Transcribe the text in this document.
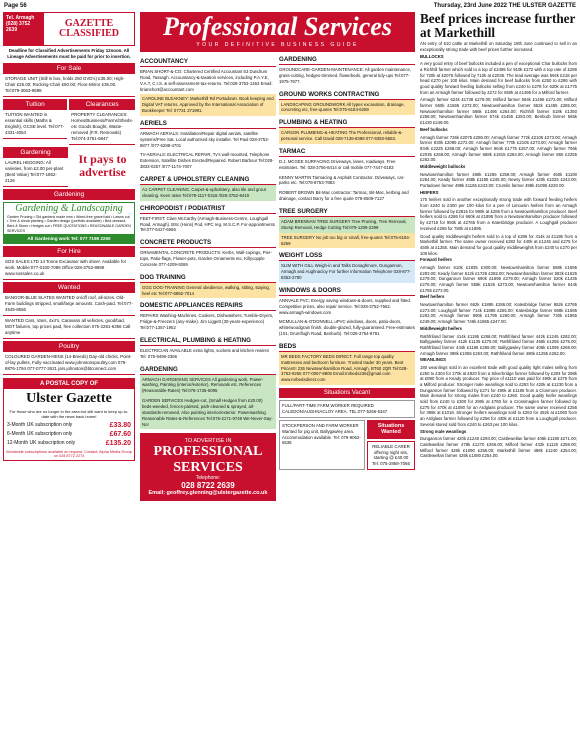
Page 56	Thursday, 23rd June 2022 THE ULSTER GAZETTE
Tel. Armagh
(028) 3752 2639
GAZETTE CLASSIFIED
Deadline for Classified Advertisements Friday 12noon. All Lineage Advertisements must be paid for prior to insertion.
For Sale
STORAGE UNIT (Still in box, holds 250 DVD's) £35.00; High-Chair £25.00; Rocking-Chair £60.00; Floor-Mirror £35.00. Tel:079-3063-9598
Tuition
TUITION WANTED in essential skills (Maths & English), GCSE level. Tel:077-4331-4054
Clearances
PROPERTY CLEARANCES: Homes/Business/Farms/Sheds-etc Goods Bought, Waste-removed (F.R. Removals) Tel:074-3761-6847
Gardening
LAUREL HEDGING: All varieties, from £2.00 per-plant (Best Value) Tel:077-1852-2126
It pays to advertise
Gardening
Gardening & Landscaping
Garden Pruning • Old gardens made new • Weed-free gravel laid • Lawns cut • Tree & shrub planting • Garden design (portfolio available) • Bed-dressed, Bark & Stone • Hedges cut • FREE QUOTATIONS • REASONABLE GARDEN SERVICES
All Gardening work Tel: 077 7198 2250
For Hire
SOS SALES LTD 14 Tonne Excavator with driver. Available for work. Mobile:077-0100-7086 Office:028-3752-8989 www.sossales.co.uk
Wanted
BANGOR-BLUE SLATES WANTED on/off roof, all-sizes. Old-Farm buildings stripped, small/large amounts. Cash-paid. Tel:077-4545-8556
WANTED Cars, Vans, 4x4's, Caravans all vehicles, good/bad, MOT failures, top prices paid, free collection 075-2281-6356 Call anytime
Poultry
COLOURED GARDEN-HENS (14-Breeds) Day-old chicks, Point-of-lay pullets, Fully-vaccinated www.johnstonspoultry.com 079-8876-1794 077-0777-2621 jars.johnston@btconnect.com
A POSTAL COPY OF
Ulster Gazette
For those who are no longer in the area but still want to keep up-to-date with the news back home!
3-Month UK subscription only	£33.80
6-Month UK subscription only	£67.60
12-Month UK subscription only	£135.20
Worldwide subscriptions available on request. Contact: Alpha Media Group on 028 8772 2274
Professional Services
YOUR DEFINITIVE BUSINESS GUIDE
ACCOUNTANCY
BRIAN.SHORT-&-CO: Chartered Certified Accountant 63 Dundrum Road, Tassagh. Accountancy-&-taxation services, including P.A.Y.E, V.A.T, C.I.S. & self-assessment-tax-returns. Tel:028-3753-1463 Email: brianshort@accountant.com
CAROLINE BLEAKNEY: Markethill Rd Portadown. Book keeping and Digital VAT returns. Approved by the International Association of Bookkeeper Tel: 07731 371991.
AERIELS
ARMAGH AERIALS: Installation/Repair digital aerials, satellite systems/Free Sat. Local authorised sky installer. Tel Paul 028-3753-8877 /077-6288-4701
TV-AERIALS: ELECTRICAL REPAIR, Tv's wall-mounted, Telephone Extension, Satellite Dishes Erected/Repaired. Robert Barbour Tel:028-3833-0257 /077-1174-7007
CARPET & UPHOLSTERY CLEANING
A1 CARPET CLEANING, Carpet-&-upholstery, also tile and grout cleaning. Keen rates Tel:078-1117-0318 /028-3752-8419
CHIROPODIST / PODIATRIST
FEET-FIRST: Clare McCarthy (Armagh-Business-Centre, Loughgall Road, Armagh). BSc (Hons) Pod, HPC reg. M.S.C.P. For-appointments Tel:077-5427-6556
CONCRETE PRODUCTS
ORNAMENTAL CONCRETE PRODUCTS: Kerbs, Wall-copings, Pier-tops, Patio-flags, Flower-pots, Garden Ornaments etc. Killycopple Concrete 077-4209-9269
DOG TRAINING
GGG DOG-TRAINING General obedience, walking, sitting, staying, heel etc Tel:077-6892-7014
DOMESTIC APPLIANCES REPAIRS
REPAIRS Washing-Machines, Cookers, Dishwashers, Tumble-Dryers, Fridge-&-Freezers (any-make). Jim Liggett (30-years-experience) Tel:077-1357-1952
ELECTRICAL, PLUMBING & HEATING
ELECTRICIAN AVAILABLE extra lights, sockets and kitchen rewires Tel: 075-9496-2366
GARDENING
ARMAGH GARDENING SERVICES All gardening work, Power-washing, Painting (interior/exterior), Removals etc. References (Reasonable-Rates) Tel:078-1735-6095
GARDEN SERVICES Hedges-cut, (Small Hedges from £20.00) beds-weeded, fences-painted, path-cleaned & sprayed, all-standards-removed. Also painting interior/exterior. Powerwashing Reasonable Rates-&-References Tel:075-2171-9748 We-Never-Say-No!
TO ADVERTISE IN
PROFESSIONAL SERVICES
Telephone:
028 8722 2639
Email: geoffrey.glenning@ulstergazette.co.uk
GARDENING
GROUNDCARE-GARDEN-MAINTENANCE: All garden maintenance, grass-cutting, hedges-trimmed, flowerbeds, general tidy-ups Tel:077-1975-7977.
GROUND WORKS CONTRACTING
LANDSCAPING GROUNDWORK All types excavation, drainage, concreting etc, free-quotes Tel:075-6184-6259
PLUMBING & HEATING
CARSON PLUMBING-&-HEATING The Professional, reliable-&-personal service. Call David 028-7136-8388 077-9393-5553.
TARMAC
D.J. MCGEE SURFACING Driveways, lanes, roadways. Free estimates. Tel: 028-3756-8414 or call mobile 077-7447-0183
KENNY MARTIN Tarmacing & Asphalt Contractor. Driveways, car-parks etc. Tel:078-8763-7883
ROBERT BROWN Bit-Mac contractor: Tarmac, Bit-Mac, kerbing and drainage, contact Barry for a free quote 078-8509-7127
TREE SURGERY
ADAM BRENNAN TREE SURGERY Tree Pruning, Tree Removal, Stump Removal, Hedge Cutting Tel:079-1209-2299
TREE SURGERY No job too big or small, free-quotes Tel:075-6184-6259
WEIGHT LOSS
SLIM WITH GILL Weigh-in and Talks Donaghmore, Dungannon, Armagh and Aughnacloy For further information Telephone 028-877-8353-2790
WINDOWS & DOORS
ANNVALE PVC: Energy saving windows-&-doors, supplied and fitted. Competitive prices, also repair service. Tel:028-3752-7662. www.armagh-windows.com
MCMULLAN-&-O'DONNELL uPVC windows, doors, patio-doors, white/woodgrain finish, double-glazed, fully-guaranteed. Free-estimates (101, Drumflugh Road, Benburb). Tel:028-3754-8791
BEDS
MR BEDS FACTORY BEDS DIRECT. Full range top quality mattresses and bedroom furniture. Trusted trader 30 years. Best Prices!!! 236 Newtownhamilton Road, Armagh, BT60 2QR Tel:028-3753-9255 077-0067-8805 Email:mrbeds236@gmail.com www.mrbedsdirect.com
Situations Vacant
FULL/PART-TIME FARM WORKER REQUIRED CALEDON/AUGHNACLOY AREA. TEL:077-5266-5347
STOCKPERSON AND FARM WORKER Wanted for pig unit, Ballygawley area. Accommodation available. Tel: 079-9062-6536
Situations Wanted
RELIABLE CARER offering night sits, starting @ £40.00 Tel: 075-2868-7066
Beef prices increase further at Markethill

AN entry of 510 cattle at Markethill on Saturday 18th June continued to sell in an exceptionally strong trade with beef prices further increased.

BULLOCKS

A very good entry of beef bullocks included a pen of exceptional Char bullocks from a Richhill farmer which sold to a top of £2495 for 910k £272 with a top rate of £286 for 720k at £2075 followed by 710k at £2035. The lead average was 594k £218 per head £270 per 100 kilos. Main demand for beef bullocks from £250 to £286 with good quality forward feeding bullocks selling from £240 to £278 for 620k at £1775 from an Armagh farmer followed by £272 for 550k at £1495 for a Milford farmer.

Armagh farmer 624k £1738 £278.00; Milford farmer 594k £1495 £272.00; Milford farmer 560k £1565 £272.00; Newtownhamilton farmer 552k £1465 £265.00; Newtownhamilton farmer 566k £1495 £264.00; Richhill farmer 518k £1350 £258.00; Newtownhamilton farmer 574k £1455 £253.00; Benburb farmer 565k £1430 £248.00.

Beef bullocks

Armagh farmer 726k £2075 £286.00; Armagh farmer 772k £2105 £273.00; Armagh farmer 830k £2095 £272.00; Armagh farmer 770k £2105 £273.00; Armagh farmer 834k £2225 £268.00; Armagh farmer 664k £1775 £267.00; Armagh farmer 766k £2035 £266.00; Armagh farmer 688k £1815 £264.00; Armagh farmer 860 £2255 £262.00.

Middleweight bullocks

Newtownhamilton farmer 488k £1265 £259.00; Armagh farmer 450k £1190 £264.00; Keady farmer 488k £1195 £245.00; Newry farmer 420k £1025 £243.00; Portadown farmer 498k £1165 £243.00; Crumlin farmer 498k £1095 £220.00.

HEIFERS

170 heifers sold in another exceptionally strong trade with forward feeding heifers from £240 to £300 per 100 kilos for a pen of Limousin heifers from an Armagh farmer followed by £2815 for 990k at £285 from a Newtownhamilton producer. Beef heifers sold to £286 for 660k at £1895 from a Newtownhamilton producer followed by £2715 for 950k at £2765 from a Katesbridge producer. A Loughgall producer received £265 for 780k at £1895.

Good quality middleweight heifers sold to a top of £286 for 414k at £1195 from a Markethill farmer. The same owner received £282 for 440k at £1245 and £275 for 450k at £1255. Main demand for good quality middleweights from £240 to £270 per 100 kilos.

Forward heifers

Armagh farmer 610k £1835 £300.00; Newtownhamilton farmer 598k £1695 £283.00; Keady farmer 612k £1725 £282.00; Newtownhamilton farmer 582k £1625 £279.00; Dungannon farmer 590k £1695 £279.00; Armagh farmer 520k £1435 £276.00; Armagh farmer 558k £1525 £273.00; Newtownhamilton farmer 644k £1755 £273.00.

Beef heifers

Newtownhamilton farmer 662k £1895 £286.00; Katesbridge farmer 952k £2765 £273.00; Loughgall farmer 714k £1895 £265.00; Katesbridge farmer 668k £1695 £262.00; Armagh farmer 690k £1795 £260.00; Armagh farmer 730k £1865 £249.00; Armagh farmer 746k £1865 £247.00.

Middleweight heifers

Rathfriland farmer 414k £1195 £286.00; Rathfriland farmer 442k £1245 £282.00; Ballygawley farmer 412k £1135 £275.00; Rathfriland farmer 456k £1255 £275.00; Rathfriland farmer 434k £1195 £265.00; Ballygawley farmer 406k £1095 £269.00; Armagh farmer 398k £1065 £263.00; Rathfriland farmer 480k £1255 £262.00.

WEANLINGS

180 weanlings sold in an excellent trade with good quality light males selling from £250 to £304 for 270k at £820 from a Silverbridge farmer followed by £293 for 298k at £890 from a Keady producer. Top price of £1110 was paid for 490k at £275 from a Milford producer. Stronger male weanlings sold to £293 for 420k at £1230 from a Dungannon farmer followed by £271 for 490k at £1195 from a Clonmore producer. Main demand for strong males from £240 to £260. Good quality heifer weanlings sold from £240 to £300 for 290k at £760 for a Crossmaglen farmer followed by £275 for 470k at £1080 for an Ardglass producer. The same owner received £256 for 398k at £1018. Stronger heifers weanlings sold to £263 for 452k at £1060 from an Ardglass farmer followed by £256 for 430k at £1120 from a Loughgall producer. Several stored sold from £240 to £263 per 100 kilos.

Strong male weanlings

Dungannon farmer 420k £1240 £293.00; Castlewellan farmer 406k £1190 £271.00; Castlewellan farmer 478k £1270 £266.00; Milford farmer 432k £1120 £259.00; Milford farmer 426k £1090 £256.00; Markethill farmer 488k £1240 £254.00; Castlewellan farmer 426k £1080 £254.00.
